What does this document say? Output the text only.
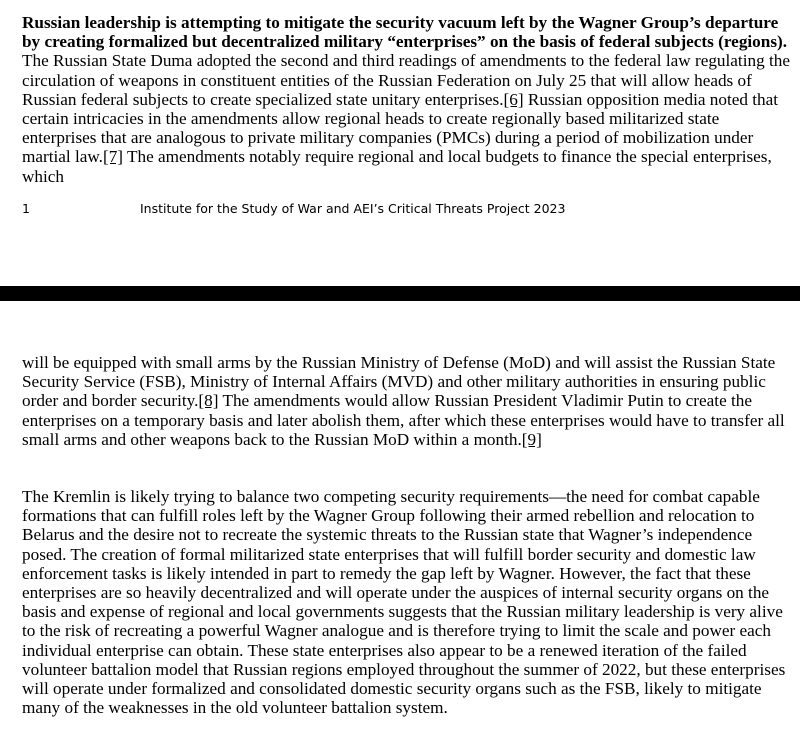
Russian leadership is attempting to mitigate the security vacuum left by the Wagner Group’s departure by creating formalized but decentralized military “enterprises” on the basis of federal subjects (regions). The Russian State Duma adopted the second and third readings of amendments to the federal law regulating the circulation of weapons in constituent entities of the Russian Federation on July 25 that will allow heads of Russian federal subjects to create specialized state unitary enterprises.[6] Russian opposition media noted that certain intricacies in the amendments allow regional heads to create regionally based militarized state enterprises that are analogous to private military companies (PMCs) during a period of mobilization under martial law.[7] The amendments notably require regional and local budgets to finance the special enterprises, which

1	Institute for the Study of War and AEI’s Critical Threats Project 2023

will be equipped with small arms by the Russian Ministry of Defense (MoD) and will assist the Russian State Security Service (FSB), Ministry of Internal Affairs (MVD) and other military authorities in ensuring public order and border security.[8] The amendments would allow Russian President Vladimir Putin to create the enterprises on a temporary basis and later abolish them, after which these enterprises would have to transfer all small arms and other weapons back to the Russian MoD within a month.[9]

The Kremlin is likely trying to balance two competing security requirements—the need for combat capable formations that can fulfill roles left by the Wagner Group following their armed rebellion and relocation to Belarus and the desire not to recreate the systemic threats to the Russian state that Wagner’s independence posed. The creation of formal militarized state enterprises that will fulfill border security and domestic law enforcement tasks is likely intended in part to remedy the gap left by Wagner. However, the fact that these enterprises are so heavily decentralized and will operate under the auspices of internal security organs on the basis and expense of regional and local governments suggests that the Russian military leadership is very alive to the risk of recreating a powerful Wagner analogue and is therefore trying to limit the scale and power each individual enterprise can obtain. These state enterprises also appear to be a renewed iteration of the failed volunteer battalion model that Russian regions employed throughout the summer of 2022, but these enterprises will operate under formalized and consolidated domestic security organs such as the FSB, likely to mitigate many of the weaknesses in the old volunteer battalion system.
